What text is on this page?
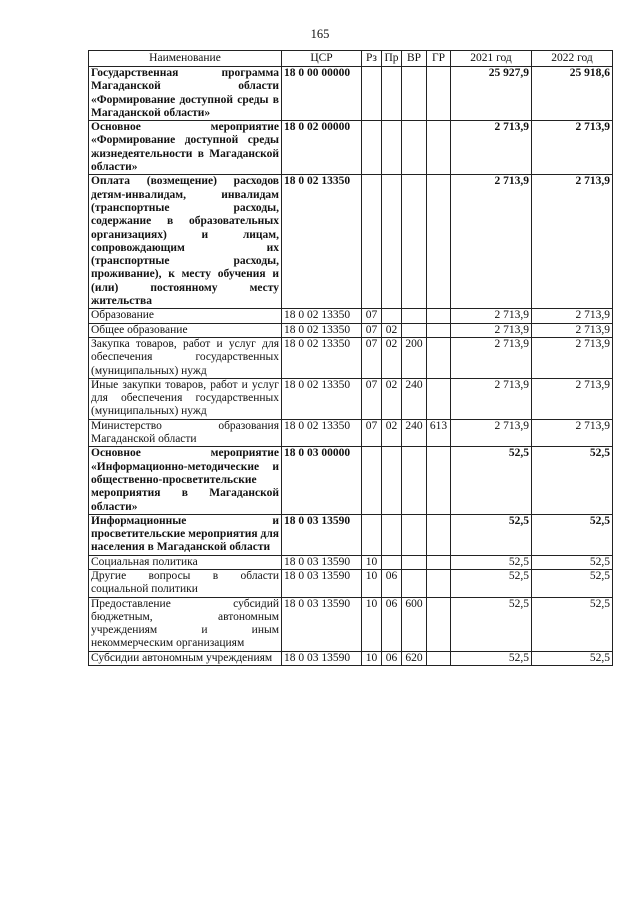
165
Наименование	ЦСР	Рз	Пр	ВР	ГР	2021 год	2022 год
Государственная программа Магаданской области «Формирование доступной среды в Магаданской области»	18 0 00 00000					25 927,9	25 918,6
Основное мероприятие «Формирование доступной среды жизнедеятельности в Магаданской области»	18 0 02 00000					2 713,9	2 713,9
Оплата (возмещение) расходов детям-инвалидам, инвалидам (транспортные расходы, содержание в образовательных организациях) и лицам, сопровождающим их (транспортные расходы, проживание), к месту обучения и (или) постоянному месту жительства	18 0 02 13350					2 713,9	2 713,9
Образование	18 0 02 13350	07				2 713,9	2 713,9
Общее образование	18 0 02 13350	07	02			2 713,9	2 713,9
Закупка товаров, работ и услуг для обеспечения государственных (муниципальных) нужд	18 0 02 13350	07	02	200		2 713,9	2 713,9
Иные закупки товаров, работ и услуг для обеспечения государственных (муниципальных) нужд	18 0 02 13350	07	02	240		2 713,9	2 713,9
Министерство образования Магаданской области	18 0 02 13350	07	02	240	613	2 713,9	2 713,9
Основное мероприятие «Информационно-методические и общественно-просветительские мероприятия в Магаданской области»	18 0 03 00000					52,5	52,5
Информационные и просветительские мероприятия для населения в Магаданской области	18 0 03 13590					52,5	52,5
Социальная политика	18 0 03 13590	10				52,5	52,5
Другие вопросы в области социальной политики	18 0 03 13590	10	06			52,5	52,5
Предоставление субсидий бюджетным, автономным учреждениям и иным некоммерческим организациям	18 0 03 13590	10	06	600		52,5	52,5
Субсидии автономным учреждениям	18 0 03 13590	10	06	620		52,5	52,5
